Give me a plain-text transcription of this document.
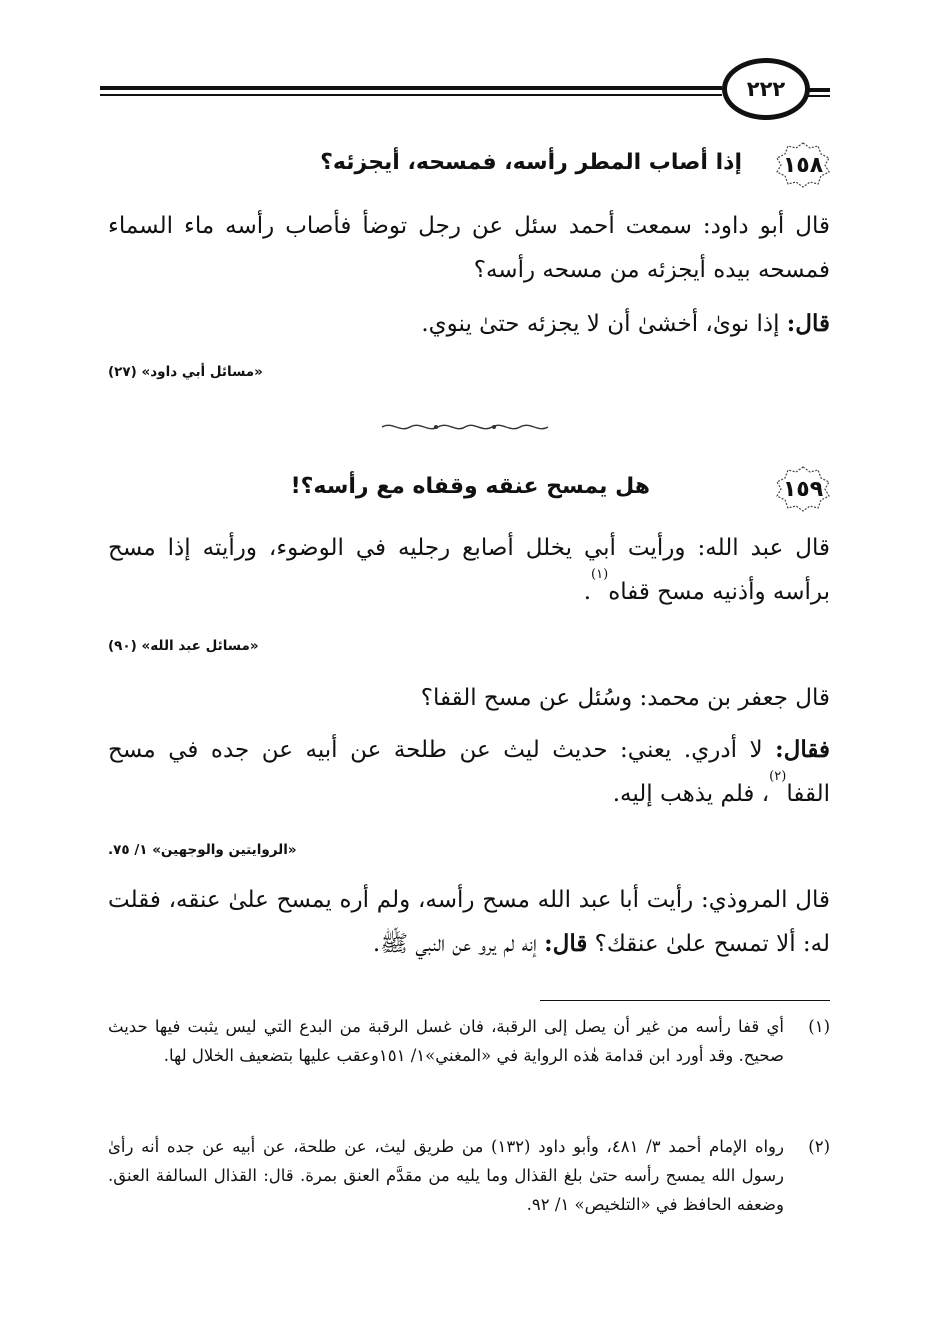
٢٢٢
١٥٨
إذا أصاب المطر رأسه، فمسحه، أيجزئه؟
قال أبو داود: سمعت أحمد سئل عن رجل توضأ فأصاب رأسه ماء السماء فمسحه بيده أيجزئه من مسحه رأسه؟
قال: إذا نوىٰ، أخشىٰ أن لا يجزئه حتىٰ ينوي.
«مسائل أبي داود» (٢٧)
١٥٩
هل يمسح عنقه وقفاه مع رأسه؟!
قال عبد الله: ورأيت أبي يخلل أصابع رجليه في الوضوء، ورأيته إذا مسح برأسه وأذنيه مسح قفاه$^{(١)}$.
«مسائل عبد الله» (٩٠)
قال جعفر بن محمد: وسُئل عن مسح القفا؟
فقال: لا أدري. يعني: حديث ليث عن طلحة عن أبيه عن جده في مسح القفا$^{(٢)}$، فلم يذهب إليه.
«الروايتين والوجهين» ١/ ٧٥.
قال المروذي: رأيت أبا عبد الله مسح رأسه، ولم أره يمسح علىٰ عنقه، فقلت له: ألا تمسح علىٰ عنقك؟ قال: إنه لم يرو عن النبي ﷺ.
(١)
أي قفا رأسه من غير أن يصل إلى الرقبة، فان غسل الرقبة من البدع التي ليس يثبت فيها حديث صحيح. وقد أورد ابن قدامة هٰذه الرواية في «المغني»١/ ١٥١وعقب عليها بتضعيف الخلال لها.
(٢)
رواه الإمام أحمد ٣/ ٤٨١، وأبو داود (١٣٢) من طريق ليث، عن طلحة، عن أبيه عن جده أنه رأىٰ رسول الله يمسح رأسه حتىٰ بلغ القذال وما يليه من مقدَّم العنق بمرة. قال: القذال السالفة العنق. وضعفه الحافظ في «التلخيص» ١/ ٩٢.
